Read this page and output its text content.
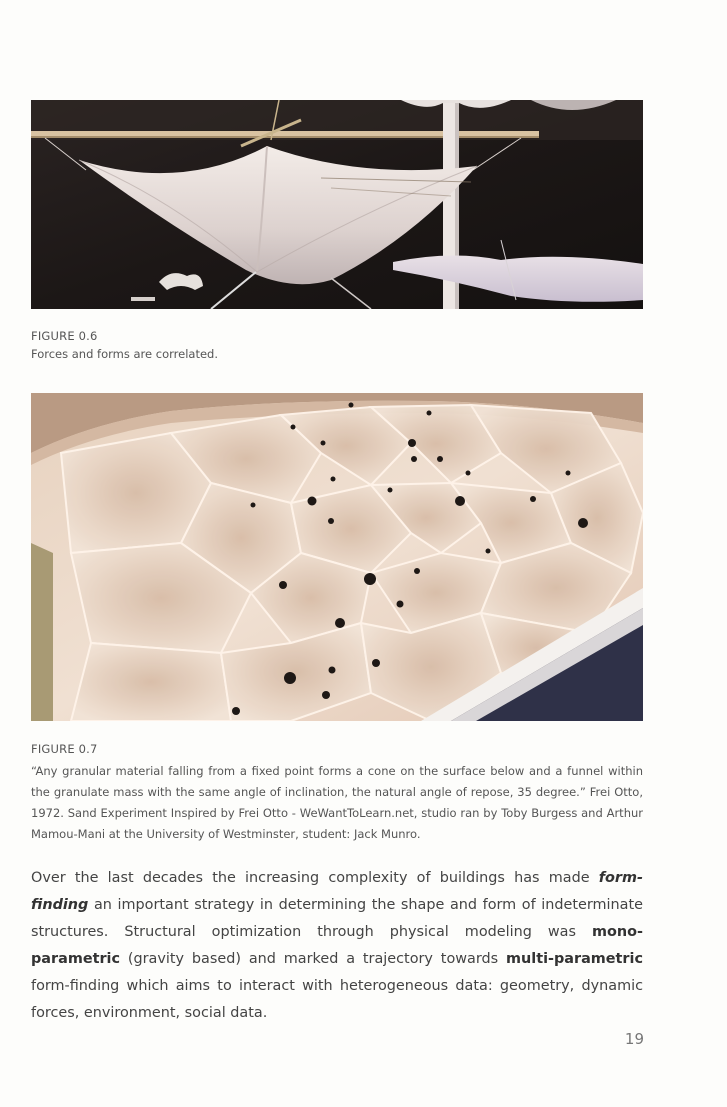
FIGURE 0.6
Forces and forms are correlated.
FIGURE 0.7
“Any granular material falling from a fixed point forms a cone on the surface below and a funnel within the granulate mass with the same angle of inclination, the natural angle of repose, 35 degree.” Frei Otto, 1972. Sand Experiment Inspired by Frei Otto - WeWantToLearn.net, studio ran by Toby Burgess and Arthur Mamou-Mani at the University of Westminster, student: Jack Munro.
Over the last decades the increasing complexity of buildings has made form-finding an important strategy in determining the shape and form of indeterminate structures. Structural optimization through physical modeling was mono-parametric (gravity based) and marked a trajectory towards multi-parametric form-finding which aims to interact with heterogeneous data: geometry, dynamic forces, environment, social data.
19
